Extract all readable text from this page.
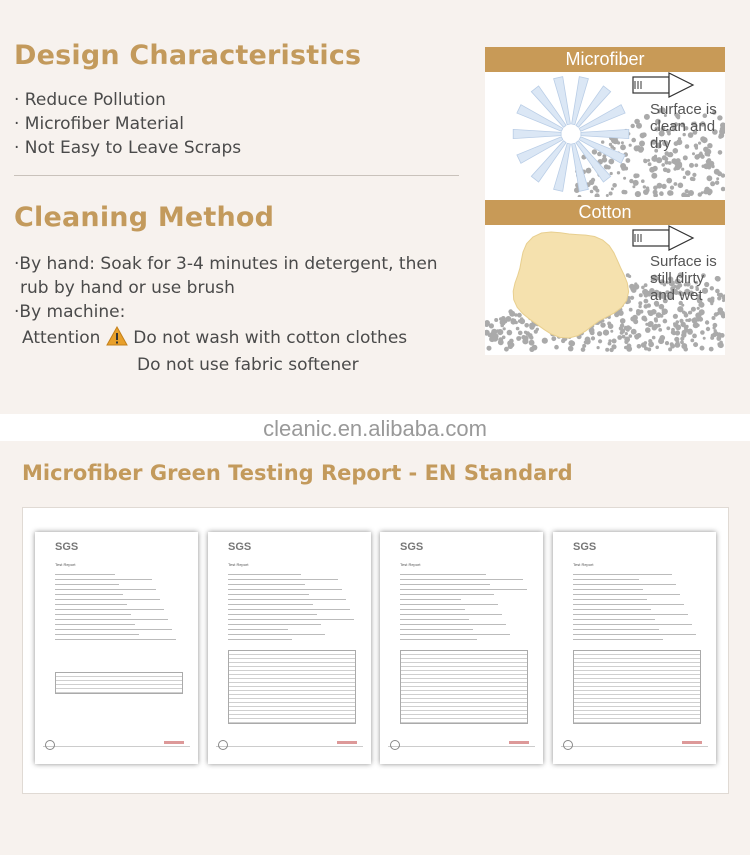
Design Characteristics
· Reduce Pollution
· Microfiber Material
· Not Easy to Leave Scraps
Cleaning Method
·By hand: Soak for 3-4 minutes in detergent, then
rub by hand or use brush
·By machine:
Attention Do not wash with cotton clothes
Do not use fabric softener
Microfiber
Surface is
clean and
dry
Cotton
Surface is
still dirty
and wet
cleanic.en.alibaba.com
Microfiber Green Testing Report - EN Standard
SGS
Test Report
SGS
Test Report
SGS
Test Report
SGS
Test Report
